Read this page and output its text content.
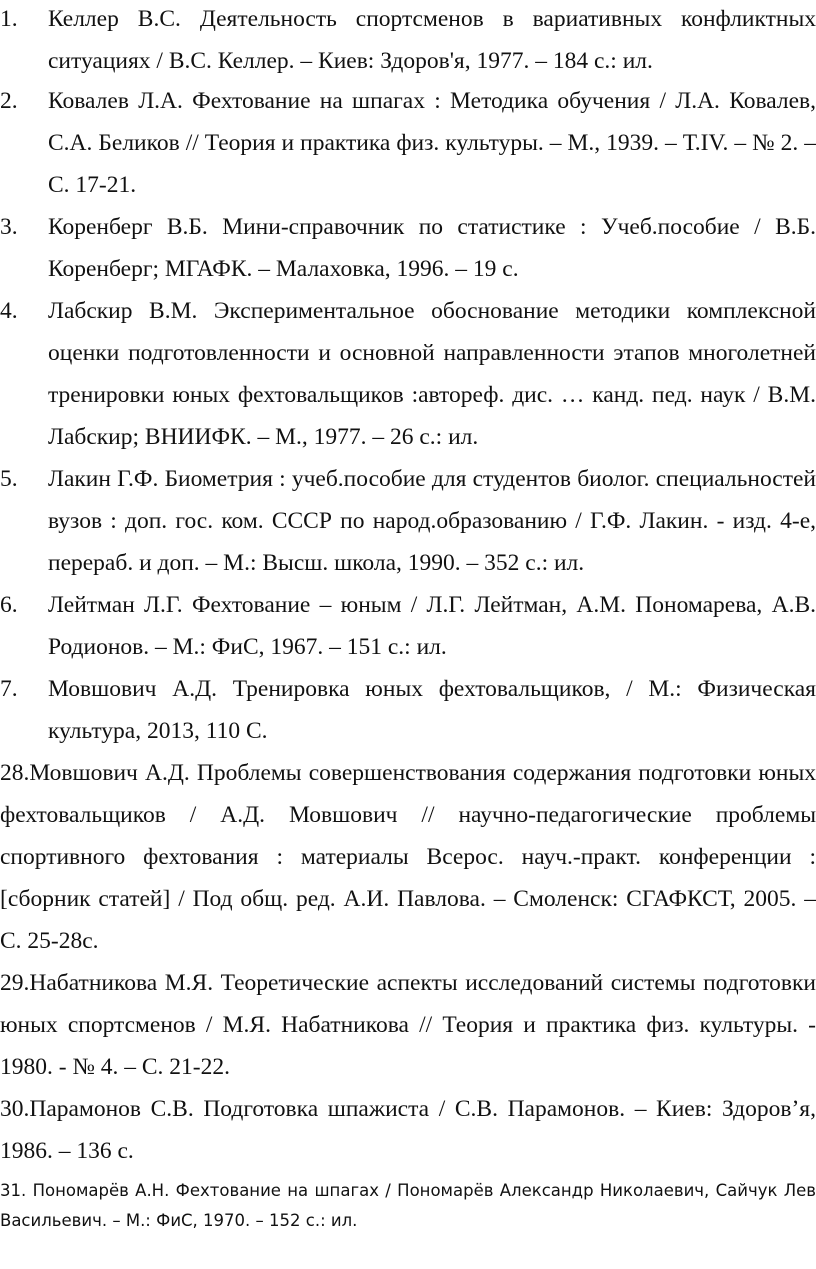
1. Келлер В.С. Деятельность спортсменов в вариативных конфликтных ситуациях / В.С. Келлер. – Киев: Здоров'я, 1977. – 184 с.: ил.
2. Ковалев Л.А. Фехтование на шпагах : Методика обучения / Л.А. Ковалев, С.А. Беликов // Теория и практика физ. культуры. – М., 1939. – Т.IV. – № 2. – С. 17-21.
3. Коренберг В.Б. Мини-справочник по статистике : Учеб.пособие / В.Б. Коренберг; МГАФК. – Малаховка, 1996. – 19 с.
4. Лабскир В.М. Экспериментальное обоснование методики комплексной оценки подготовленности и основной направленности этапов многолетней тренировки юных фехтовальщиков :автореф. дис. … канд. пед. наук / В.М. Лабскир; ВНИИФК. – М., 1977. – 26 с.: ил.
5. Лакин Г.Ф. Биометрия : учеб.пособие для студентов биолог. специальностей вузов : доп. гос. ком. СССР по народ.образованию / Г.Ф. Лакин. - изд. 4-е, перераб. и доп. – М.: Высш. школа, 1990. – 352 с.: ил.
6. Лейтман Л.Г. Фехтование – юным / Л.Г. Лейтман, А.М. Пономарева, А.В. Родионов. – М.: ФиС, 1967. – 151 с.: ил.
7. Мовшович А.Д. Тренировка юных фехтовальщиков, / М.: Физическая культура, 2013, 110 С.
28.Мовшович А.Д. Проблемы совершенствования содержания подготовки юных фехтовальщиков / А.Д. Мовшович // научно-педагогические проблемы спортивного фехтования : материалы Всерос. науч.-практ. конференции : [сборник статей] / Под общ. ред. А.И. Павлова. – Смоленск: СГАФКСТ, 2005. – С. 25-28с.
29.Набатникова М.Я. Теоретические аспекты исследований системы подготовки юных спортсменов / М.Я. Набатникова // Теория и практика физ. культуры. - 1980. - № 4. – С. 21-22.
30.Парамонов С.В. Подготовка шпажиста / С.В. Парамонов. – Киев: Здоров’я, 1986. – 136 с.
31. Пономарёв А.Н. Фехтование на шпагах / Пономарёв Александр Николаевич, Сайчук Лев Васильевич. – М.: ФиС, 1970. – 152 с.: ил.
